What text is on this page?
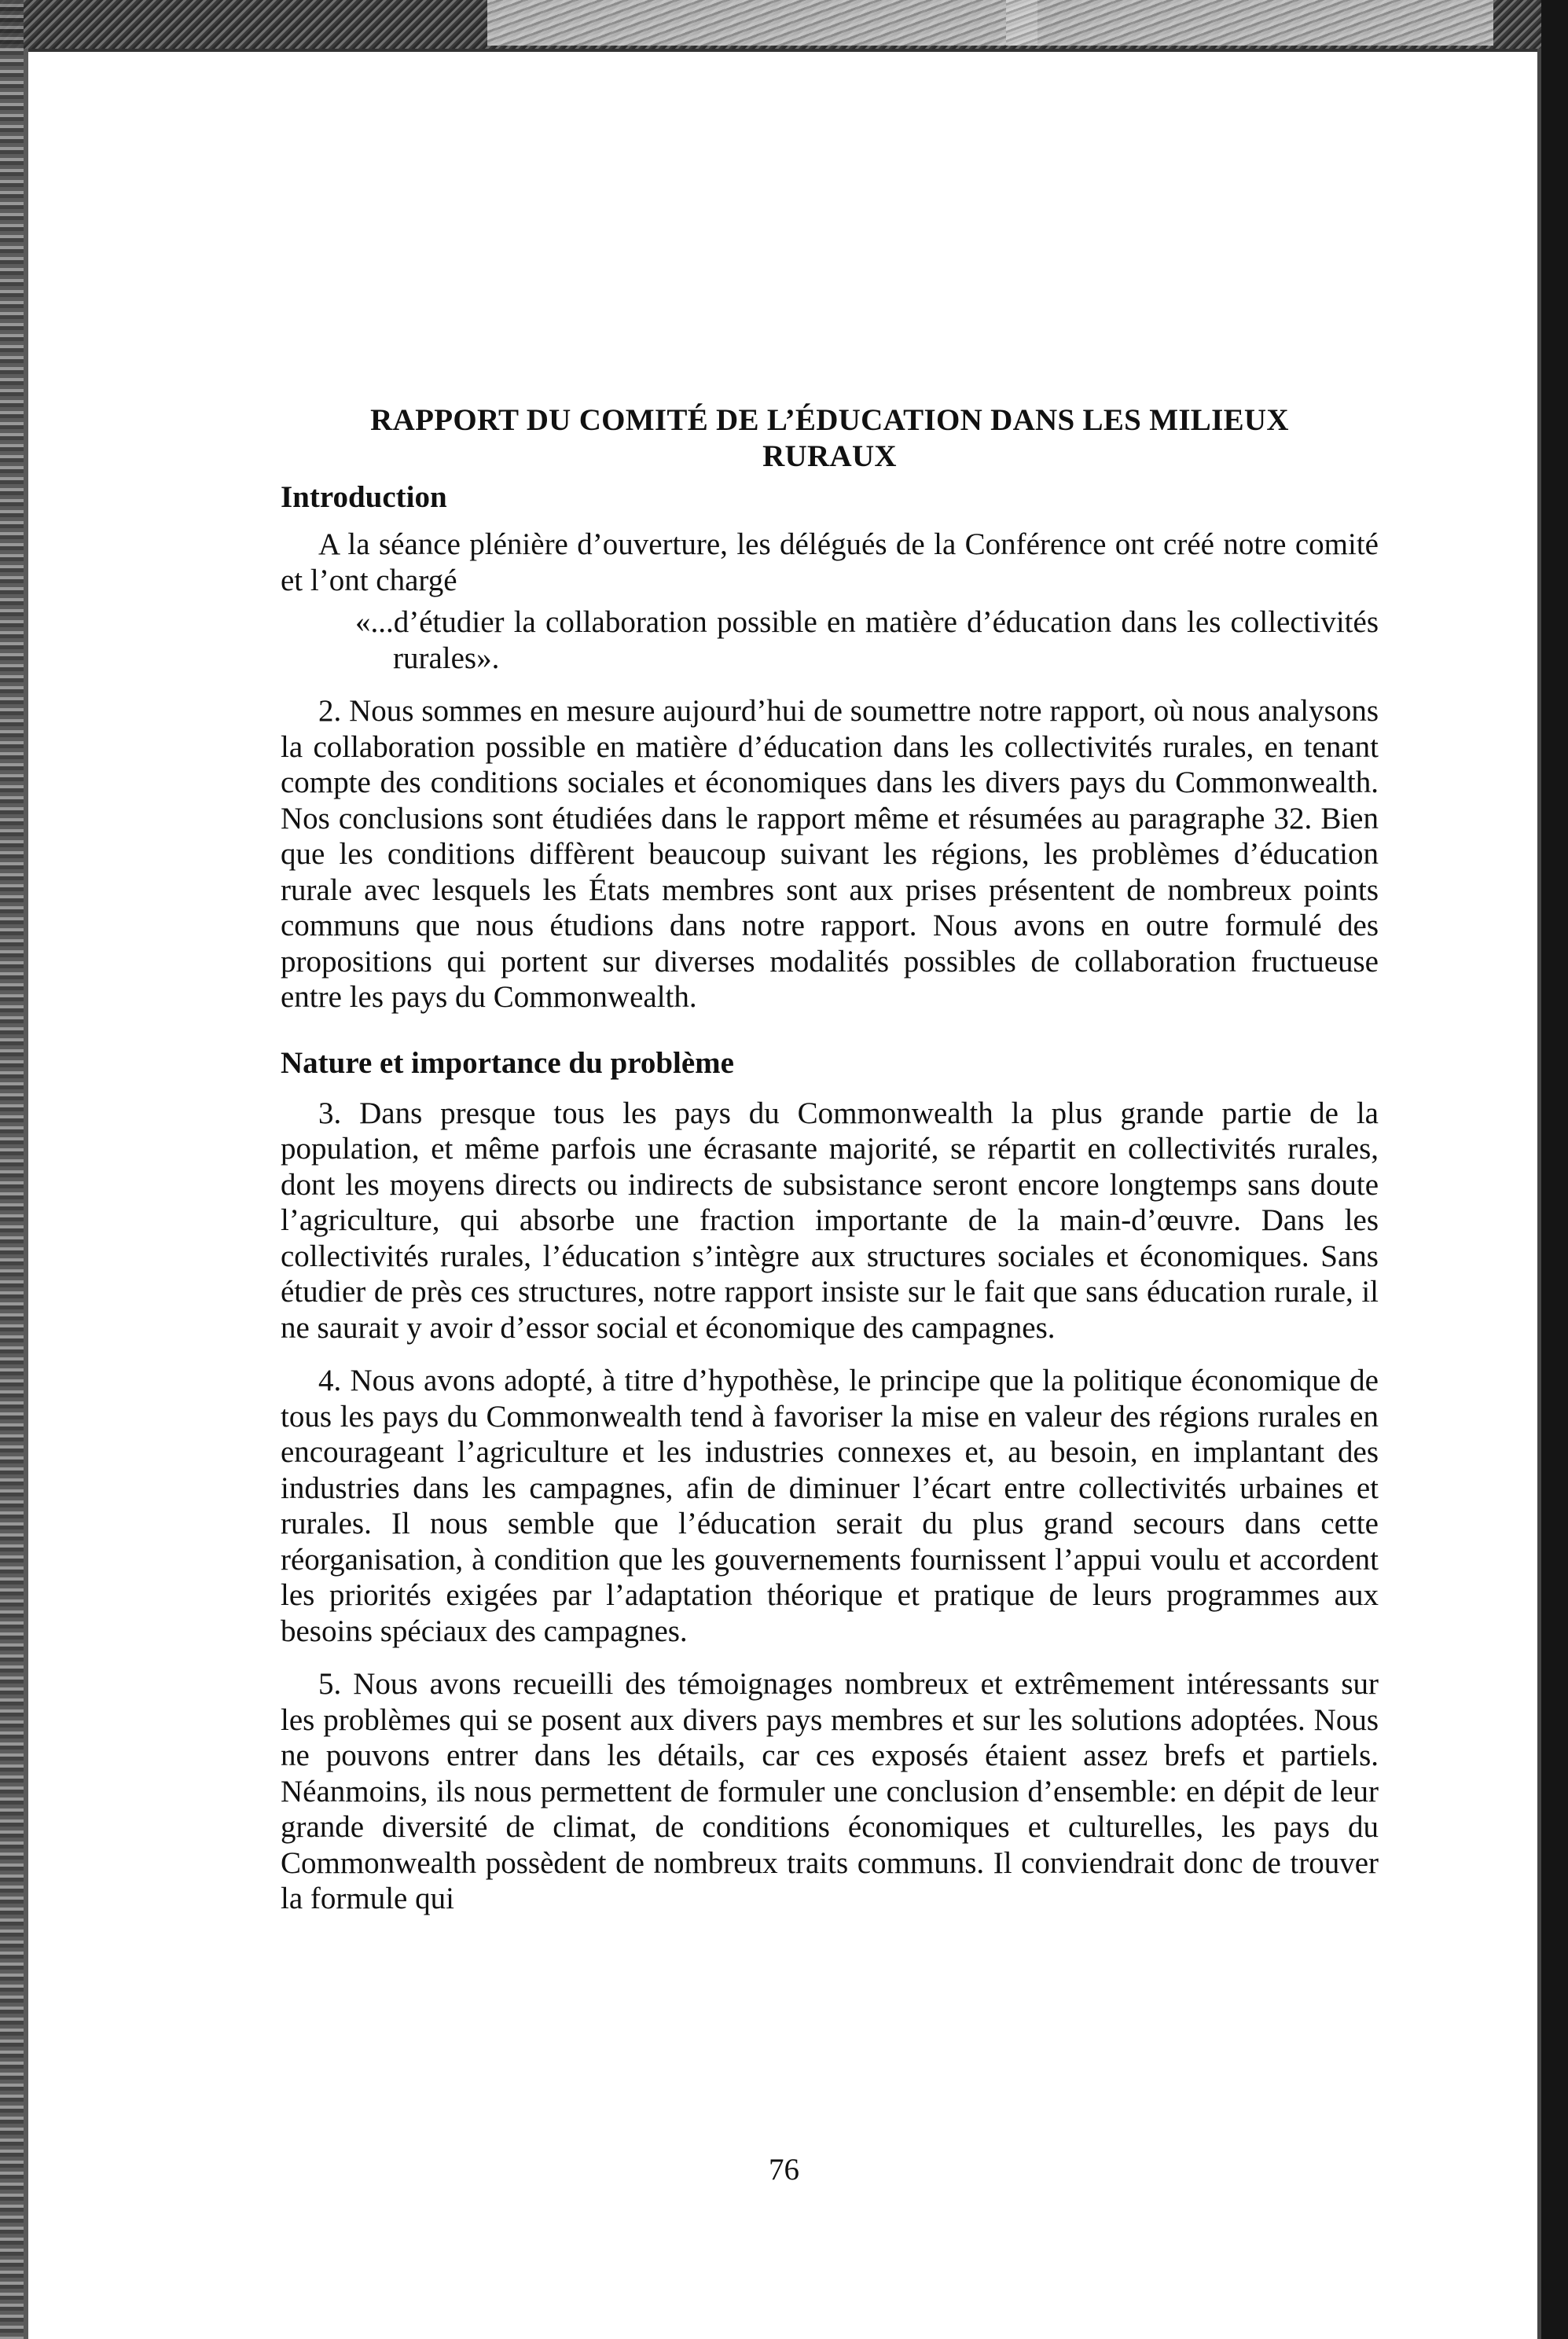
RAPPORT DU COMITÉ DE L’ÉDUCATION DANS LES MILIEUX
RURAUX
Introduction

A la séance plénière d’ouverture, les délégués de la Conférence ont créé notre comité et l’ont chargé

«...d’étudier la collaboration possible en matière d’éducation dans les collectivités rurales».

2. Nous sommes en mesure aujourd’hui de soumettre notre rapport, où nous analysons la collaboration possible en matière d’éducation dans les collectivités rurales, en tenant compte des conditions sociales et économiques dans les divers pays du Commonwealth. Nos conclusions sont étudiées dans le rapport même et résumées au paragraphe 32. Bien que les conditions diffèrent beaucoup suivant les régions, les problèmes d’éducation rurale avec lesquels les États membres sont aux prises présentent de nombreux points communs que nous étudions dans notre rapport. Nous avons en outre formulé des propositions qui portent sur diverses modalités possibles de collaboration fructueuse entre les pays du Commonwealth.

Nature et importance du problème

3. Dans presque tous les pays du Commonwealth la plus grande partie de la population, et même parfois une écrasante majorité, se répartit en collectivités rurales, dont les moyens directs ou indirects de subsistance seront encore longtemps sans doute l’agriculture, qui absorbe une fraction importante de la main-d’œuvre. Dans les collectivités rurales, l’éducation s’intègre aux structures sociales et économiques. Sans étudier de près ces structures, notre rapport insiste sur le fait que sans éducation rurale, il ne saurait y avoir d’essor social et économique des campagnes.

4. Nous avons adopté, à titre d’hypothèse, le principe que la politique économique de tous les pays du Commonwealth tend à favoriser la mise en valeur des régions rurales en encourageant l’agriculture et les industries connexes et, au besoin, en implantant des industries dans les campagnes, afin de diminuer l’écart entre collectivités urbaines et rurales. Il nous semble que l’éducation serait du plus grand secours dans cette réorganisation, à condition que les gouvernements fournissent l’appui voulu et accordent les priorités exigées par l’adaptation théorique et pratique de leurs programmes aux besoins spéciaux des campagnes.

5. Nous avons recueilli des témoignages nombreux et extrêmement intéressants sur les problèmes qui se posent aux divers pays membres et sur les solutions adoptées. Nous ne pouvons entrer dans les détails, car ces exposés étaient assez brefs et partiels. Néanmoins, ils nous permettent de formuler une conclusion d’ensemble: en dépit de leur grande diversité de climat, de conditions économiques et culturelles, les pays du Commonwealth possèdent de nombreux traits communs. Il conviendrait donc de trouver la formule qui

76
